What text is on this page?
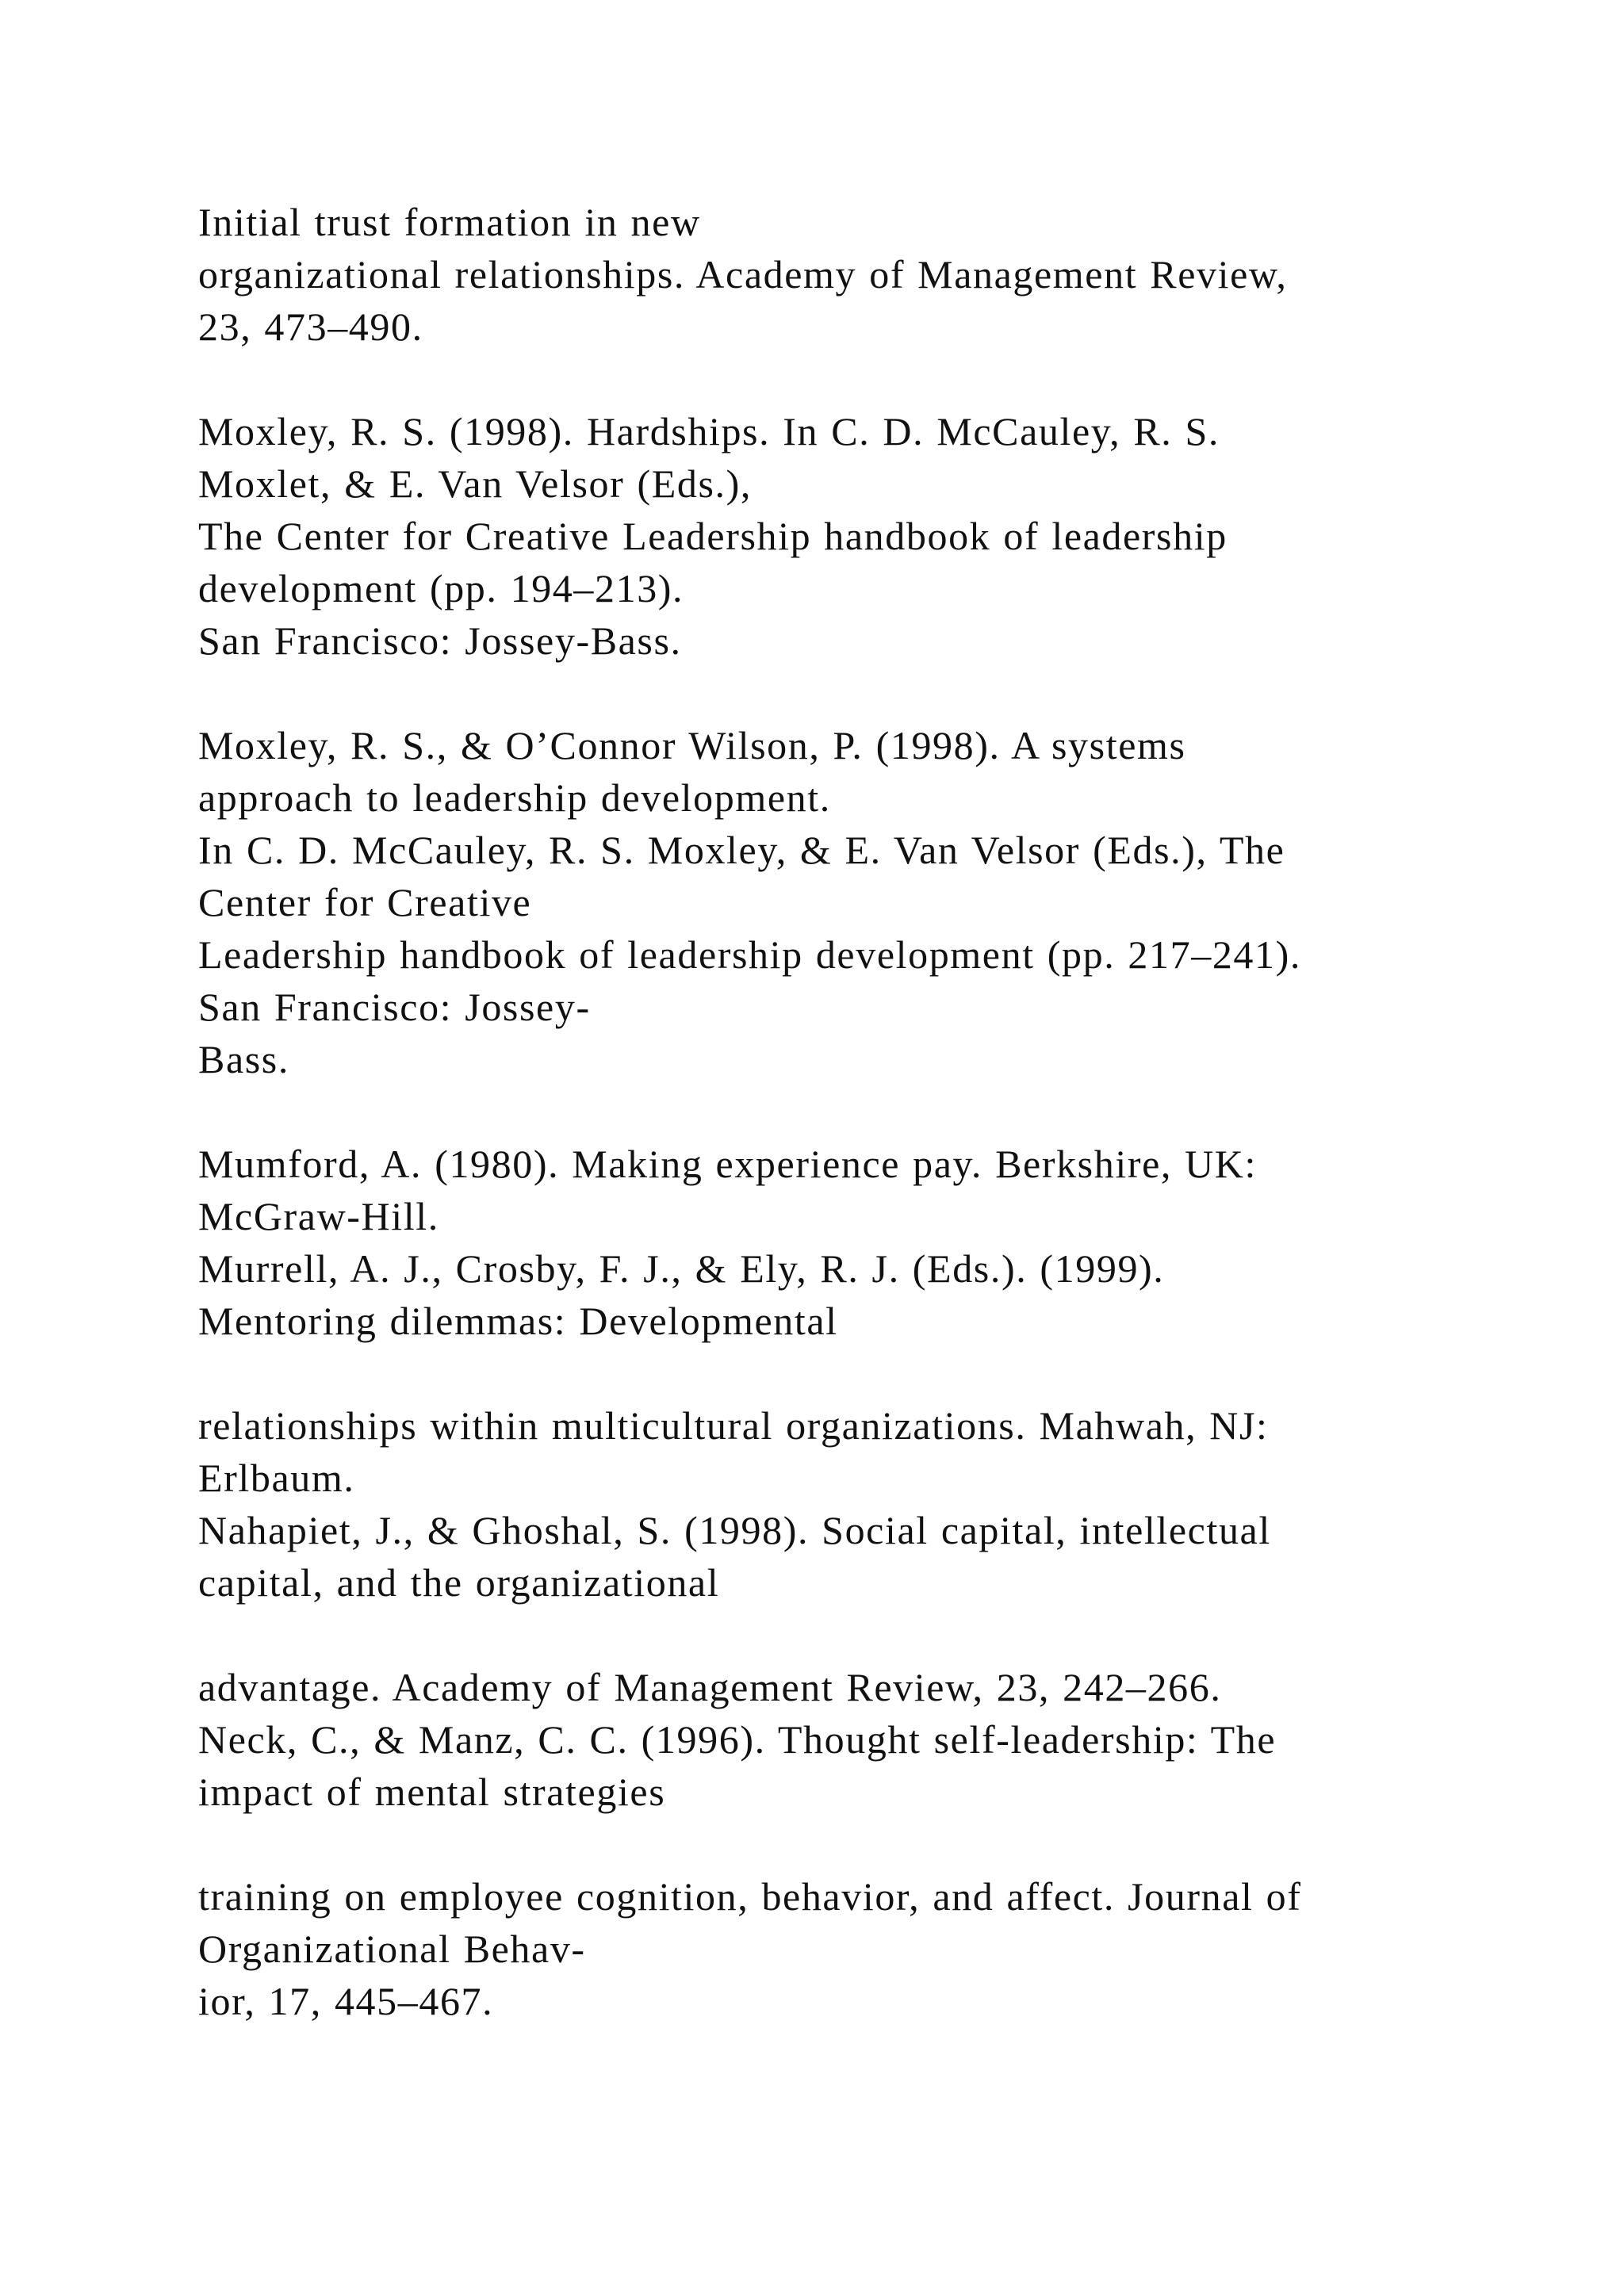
Initial trust formation in new
organizational relationships. Academy of Management Review,
23, 473–490.
Moxley, R. S. (1998). Hardships. In C. D. McCauley, R. S.
Moxlet, & E. Van Velsor (Eds.),
The Center for Creative Leadership handbook of leadership
development (pp. 194–213).
San Francisco: Jossey-Bass.
Moxley, R. S., & O’Connor Wilson, P. (1998). A systems
approach to leadership development.
In C. D. McCauley, R. S. Moxley, & E. Van Velsor (Eds.), The
Center for Creative
Leadership handbook of leadership development (pp. 217–241).
San Francisco: Jossey-
Bass.
Mumford, A. (1980). Making experience pay. Berkshire, UK:
McGraw-Hill.
Murrell, A. J., Crosby, F. J., & Ely, R. J. (Eds.). (1999).
Mentoring dilemmas: Developmental
relationships within multicultural organizations. Mahwah, NJ:
Erlbaum.
Nahapiet, J., & Ghoshal, S. (1998). Social capital, intellectual
capital, and the organizational
advantage. Academy of Management Review, 23, 242–266.
Neck, C., & Manz, C. C. (1996). Thought self-leadership: The
impact of mental strategies
training on employee cognition, behavior, and affect. Journal of
Organizational Behav-
ior, 17, 445–467.
